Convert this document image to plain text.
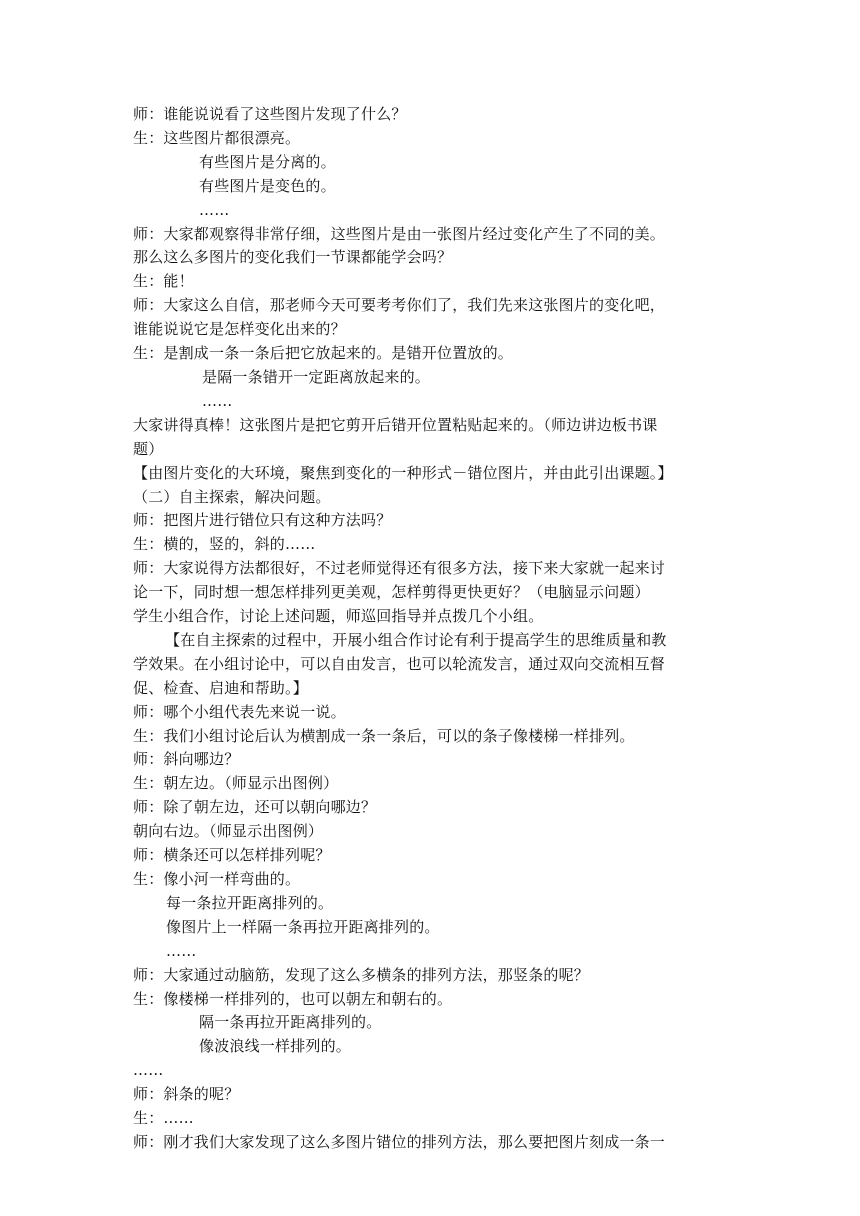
师：谁能说说看了这些图片发现了什么？
生：这些图片都很漂亮。
有些图片是分离的。
有些图片是变色的。
……
师：大家都观察得非常仔细，这些图片是由一张图片经过变化产生了不同的美。
那么这么多图片的变化我们一节课都能学会吗？
生：能！
师：大家这么自信，那老师今天可要考考你们了，我们先来这张图片的变化吧，
谁能说说它是怎样变化出来的？
生：是割成一条一条后把它放起来的。是错开位置放的。
是隔一条错开一定距离放起来的。
……
大家讲得真棒！这张图片是把它剪开后错开位置粘贴起来的。（师边讲边板书课
题）
【由图片变化的大环境，聚焦到变化的一种形式－错位图片，并由此引出课题。】
（二）自主探索，解决问题。
师：把图片进行错位只有这种方法吗？
生：横的，竖的，斜的……
师：大家说得方法都很好，不过老师觉得还有很多方法，接下来大家就一起来讨
论一下，同时想一想怎样排列更美观，怎样剪得更快更好？（电脑显示问题）
学生小组合作，讨论上述问题，师巡回指导并点拨几个小组。
【在自主探索的过程中，开展小组合作讨论有利于提高学生的思维质量和教
学效果。在小组讨论中，可以自由发言，也可以轮流发言，通过双向交流相互督
促、检查、启迪和帮助。】
师：哪个小组代表先来说一说。
生：我们小组讨论后认为横割成一条一条后，可以的条子像楼梯一样排列。
师：斜向哪边？
生：朝左边。（师显示出图例）
师：除了朝左边，还可以朝向哪边？
朝向右边。（师显示出图例）
师：横条还可以怎样排列呢？
生：像小河一样弯曲的。
每一条拉开距离排列的。
像图片上一样隔一条再拉开距离排列的。
……
师：大家通过动脑筋，发现了这么多横条的排列方法，那竖条的呢？
生：像楼梯一样排列的，也可以朝左和朝右的。
隔一条再拉开距离排列的。
像波浪线一样排列的。
……
师：斜条的呢？
生：……
师：刚才我们大家发现了这么多图片错位的排列方法，那么要把图片刻成一条一
